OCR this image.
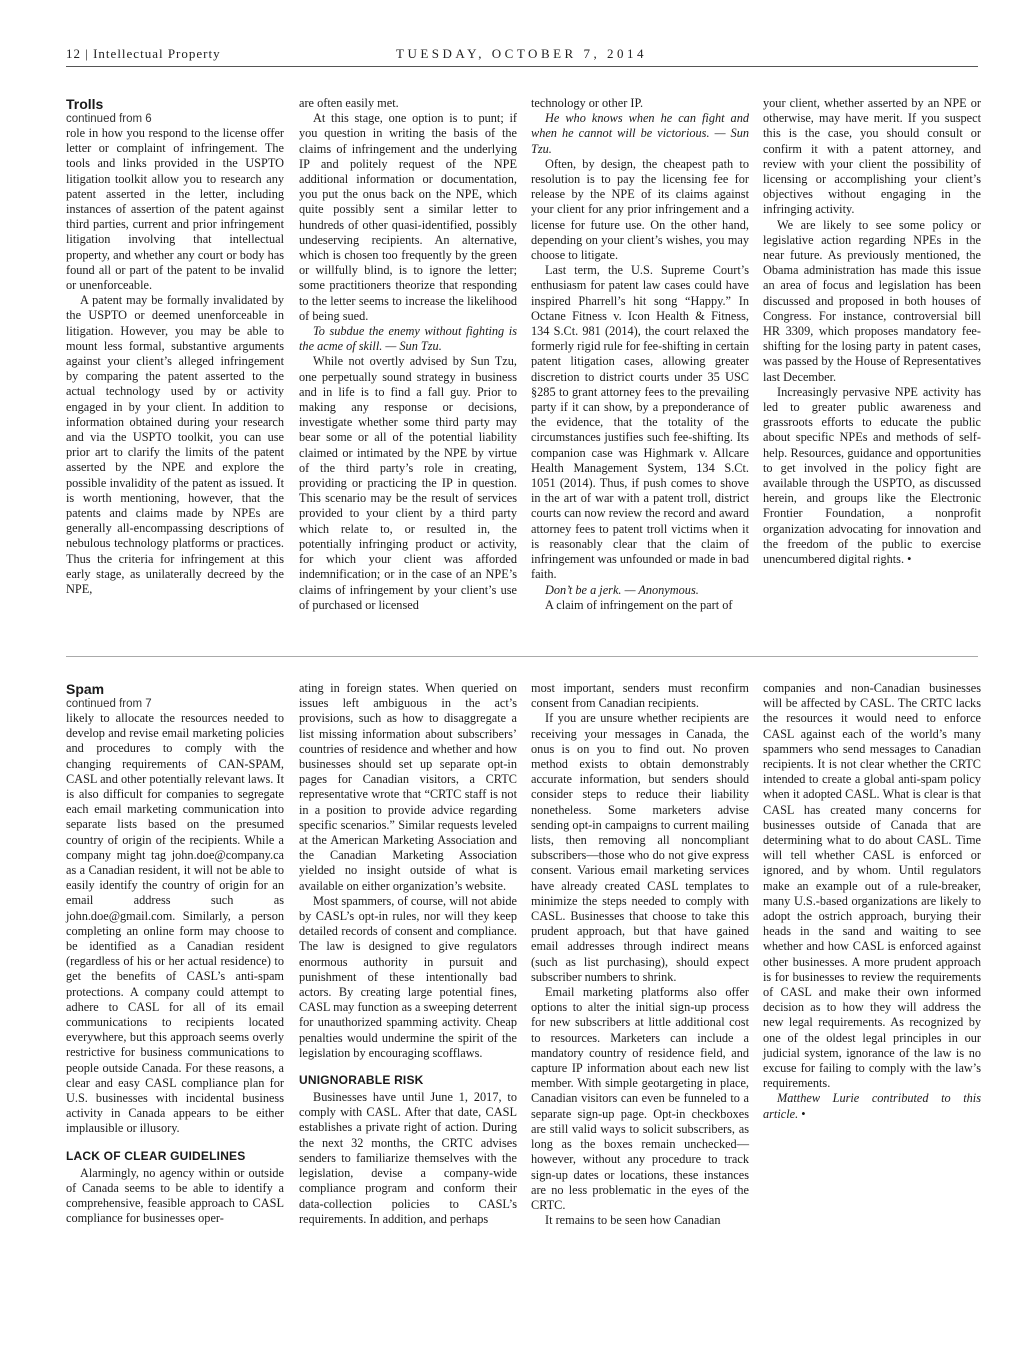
12 | Intellectual Property	TUESDAY, OCTOBER 7, 2014

Trolls

continued from 6

role in how you respond to the license offer letter or complaint of infringement. The tools and links provided in the USPTO litigation toolkit allow you to research any patent asserted in the letter, including instances of assertion of the patent against third parties, current and prior infringement litigation involving that intellectual property, and whether any court or body has found all or part of the patent to be invalid or unenforceable.

A patent may be formally invalidated by the USPTO or deemed unenforceable in litigation. However, you may be able to mount less formal, substantive arguments against your client’s alleged infringement by comparing the patent asserted to the actual technology used by or activity engaged in by your client. In addition to information obtained during your research and via the USPTO toolkit, you can use prior art to clarify the limits of the patent asserted by the NPE and explore the possible invalidity of the patent as issued. It is worth mentioning, however, that the patents and claims made by NPEs are generally all-encompassing descriptions of nebulous technology platforms or practices. Thus the criteria for infringement at this early stage, as unilaterally decreed by the NPE,

are often easily met.

At this stage, one option is to punt; if you question in writing the basis of the claims of infringement and the underlying IP and politely request of the NPE additional information or documentation, you put the onus back on the NPE, which quite possibly sent a similar letter to hundreds of other quasi-identified, possibly undeserving recipients. An alternative, which is chosen too frequently by the green or willfully blind, is to ignore the letter; some practitioners theorize that responding to the letter seems to increase the likelihood of being sued.

To subdue the enemy without fighting is the acme of skill. — Sun Tzu.

While not overtly advised by Sun Tzu, one perpetually sound strategy in business and in life is to find a fall guy. Prior to making any response or decisions, investigate whether some third party may bear some or all of the potential liability claimed or intimated by the NPE by virtue of the third party’s role in creating, providing or practicing the IP in question. This scenario may be the result of services provided to your client by a third party which relate to, or resulted in, the potentially infringing product or activity, for which your client was afforded indemnification; or in the case of an NPE’s claims of infringement by your client’s use of purchased or licensed

technology or other IP.

He who knows when he can fight and when he cannot will be victorious. — Sun Tzu.

Often, by design, the cheapest path to resolution is to pay the licensing fee for release by the NPE of its claims against your client for any prior infringement and a license for future use. On the other hand, depending on your client’s wishes, you may choose to litigate.

Last term, the U.S. Supreme Court’s enthusiasm for patent law cases could have inspired Pharrell’s hit song “Happy.” In Octane Fitness v. Icon Health & Fitness, 134 S.Ct. 981 (2014), the court relaxed the formerly rigid rule for fee-shifting in certain patent litigation cases, allowing greater discretion to district courts under 35 USC §285 to grant attorney fees to the prevailing party if it can show, by a preponderance of the evidence, that the totality of the circumstances justifies such fee-shifting. Its companion case was Highmark v. Allcare Health Management System, 134 S.Ct. 1051 (2014). Thus, if push comes to shove in the art of war with a patent troll, district courts can now review the record and award attorney fees to patent troll victims when it is reasonably clear that the claim of infringement was unfounded or made in bad faith.

Don’t be a jerk. — Anonymous.

A claim of infringement on the part of

your client, whether asserted by an NPE or otherwise, may have merit. If you suspect this is the case, you should consult or confirm it with a patent attorney, and review with your client the possibility of licensing or accomplishing your client’s objectives without engaging in the infringing activity.

We are likely to see some policy or legislative action regarding NPEs in the near future. As previously mentioned, the Obama administration has made this issue an area of focus and legislation has been discussed and proposed in both houses of Congress. For instance, controversial bill HR 3309, which proposes mandatory fee-shifting for the losing party in patent cases, was passed by the House of Representatives last December.

Increasingly pervasive NPE activity has led to greater public awareness and grassroots efforts to educate the public about specific NPEs and methods of self-help. Resources, guidance and opportunities to get involved in the policy fight are available through the USPTO, as discussed herein, and groups like the Electronic Frontier Foundation, a nonprofit organization advocating for innovation and the freedom of the public to exercise unencumbered digital rights. •

Spam

continued from 7

likely to allocate the resources needed to develop and revise email marketing policies and procedures to comply with the changing requirements of CAN-SPAM, CASL and other potentially relevant laws. It is also difficult for companies to segregate each email marketing communication into separate lists based on the presumed country of origin of the recipients. While a company might tag john.doe@company.ca as a Canadian resident, it will not be able to easily identify the country of origin for an email address such as john.doe@gmail.com. Similarly, a person completing an online form may choose to be identified as a Canadian resident (regardless of his or her actual residence) to get the benefits of CASL’s anti-spam protections. A company could attempt to adhere to CASL for all of its email communications to recipients located everywhere, but this approach seems overly restrictive for business communications to people outside Canada. For these reasons, a clear and easy CASL compliance plan for U.S. businesses with incidental business activity in Canada appears to be either implausible or illusory.

LACK OF CLEAR GUIDELINES

Alarmingly, no agency within or outside of Canada seems to be able to identify a comprehensive, feasible approach to CASL compliance for businesses oper-

ating in foreign states. When queried on issues left ambiguous in the act’s provisions, such as how to disaggregate a list missing information about subscribers’ countries of residence and whether and how businesses should set up separate opt-in pages for Canadian visitors, a CRTC representative wrote that “CRTC staff is not in a position to provide advice regarding specific scenarios.” Similar requests leveled at the American Marketing Association and the Canadian Marketing Association yielded no insight outside of what is available on either organization’s website.

Most spammers, of course, will not abide by CASL’s opt-in rules, nor will they keep detailed records of consent and compliance. The law is designed to give regulators enormous authority in pursuit and punishment of these intentionally bad actors. By creating large potential fines, CASL may function as a sweeping deterrent for unauthorized spamming activity. Cheap penalties would undermine the spirit of the legislation by encouraging scofflaws.

UNIGNORABLE RISK

Businesses have until June 1, 2017, to comply with CASL. After that date, CASL establishes a private right of action. During the next 32 months, the CRTC advises senders to familiarize themselves with the legislation, devise a company-wide compliance program and conform their data-collection policies to CASL’s requirements. In addition, and perhaps

most important, senders must reconfirm consent from Canadian recipients.

If you are unsure whether recipients are receiving your messages in Canada, the onus is on you to find out. No proven method exists to obtain demonstrably accurate information, but senders should consider steps to reduce their liability nonetheless. Some marketers advise sending opt-in campaigns to current mailing lists, then removing all noncompliant subscribers—those who do not give express consent. Various email marketing services have already created CASL templates to minimize the steps needed to comply with CASL. Businesses that choose to take this prudent approach, but that have gained email addresses through indirect means (such as list purchasing), should expect subscriber numbers to shrink.

Email marketing platforms also offer options to alter the initial sign-up process for new subscribers at little additional cost to resources. Marketers can include a mandatory country of residence field, and capture IP information about each new list member. With simple geotargeting in place, Canadian visitors can even be funneled to a separate sign-up page. Opt-in checkboxes are still valid ways to solicit subscribers, as long as the boxes remain unchecked—however, without any procedure to track sign-up dates or locations, these instances are no less problematic in the eyes of the CRTC.

It remains to be seen how Canadian

companies and non-Canadian businesses will be affected by CASL. The CRTC lacks the resources it would need to enforce CASL against each of the world’s many spammers who send messages to Canadian recipients. It is not clear whether the CRTC intended to create a global anti-spam policy when it adopted CASL. What is clear is that CASL has created many concerns for businesses outside of Canada that are determining what to do about CASL. Time will tell whether CASL is enforced or ignored, and by whom. Until regulators make an example out of a rule-breaker, many U.S.-based organizations are likely to adopt the ostrich approach, burying their heads in the sand and waiting to see whether and how CASL is enforced against other businesses. A more prudent approach is for businesses to review the requirements of CASL and make their own informed decision as to how they will address the new legal requirements. As recognized by one of the oldest legal principles in our judicial system, ignorance of the law is no excuse for failing to comply with the law’s requirements.

Matthew Lurie contributed to this article. •
